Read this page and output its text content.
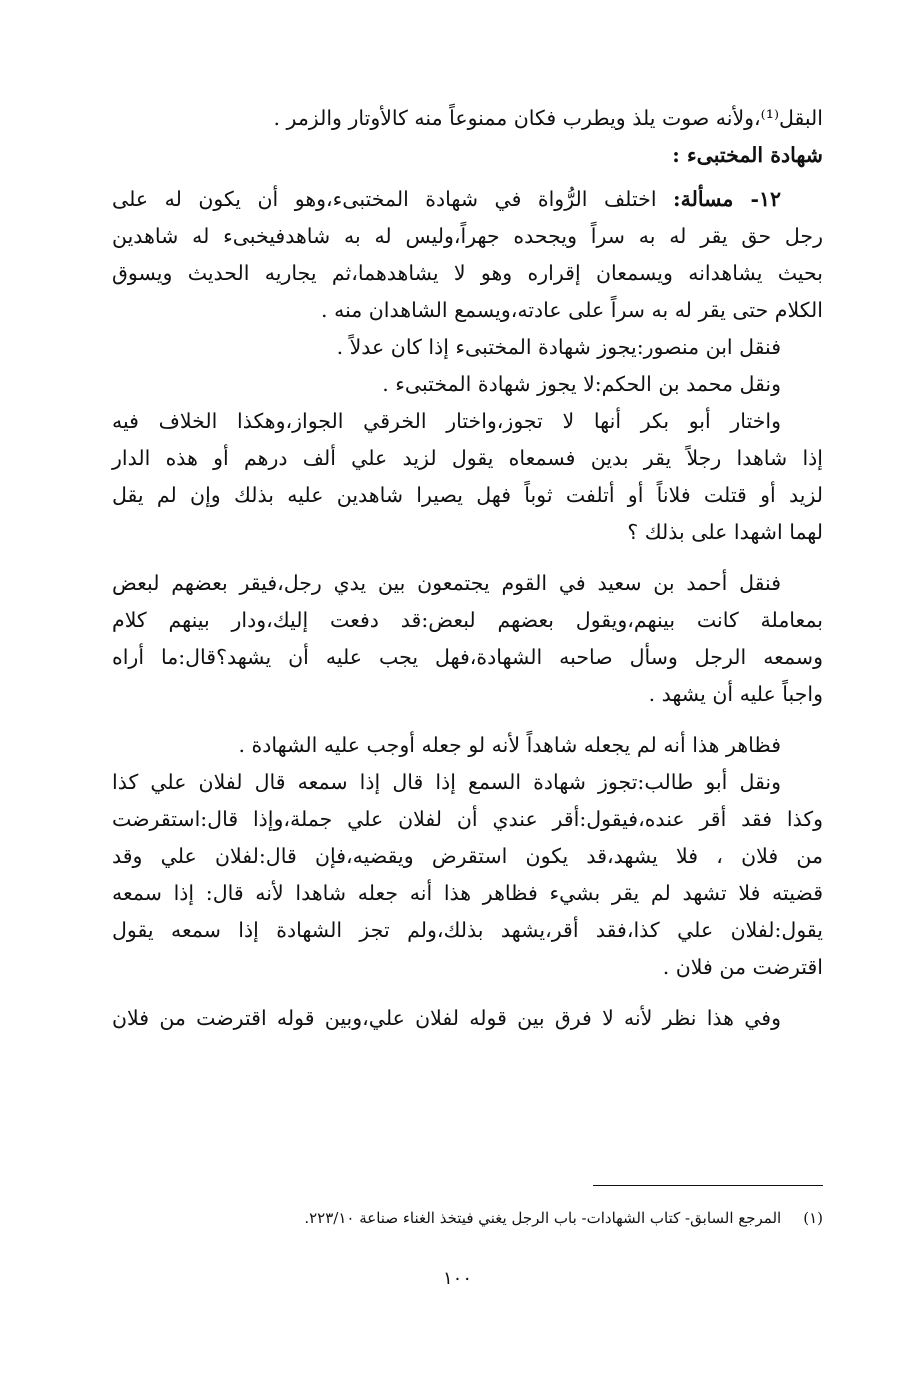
البقل⁽¹⁾،ولأنه صوت يلذ ويطرب فكان ممنوعاً منه كالأوتار والزمر .
شهادة المختبىء :
١٢- مسألة: اختلف الرُّواة في شهادة المختبىء،وهو أن يكون له على
رجل حق يقر له به سراً ويجحده جهراً،وليس له به شاهدفيخبىء له شاهدين
بحيث يشاهدانه ويسمعان إقراره وهو لا يشاهدهما،ثم يجاريه الحديث ويسوق
الكلام حتى يقر له به سراً على عادته،ويسمع الشاهدان منه .
فنقل ابن منصور:يجوز شهادة المختبىء إذا كان عدلاً .
ونقل محمد بن الحكم:لا يجوز شهادة المختبىء .
واختار أبو بكر أنها لا تجوز،واختار الخرقي الجواز،وهكذا الخلاف فيه
إذا شاهدا رجلاً يقر بدين فسمعاه يقول لزيد علي ألف درهم أو هذه الدار
لزيد أو قتلت فلاناً أو أتلفت ثوباً فهل يصيرا شاهدين عليه بذلك وإن لم يقل
لهما اشهدا على بذلك ؟
فنقل أحمد بن سعيد في القوم يجتمعون بين يدي رجل،فيقر بعضهم لبعض
بمعاملة كانت بينهم،ويقول بعضهم لبعض:قد دفعت إليك،ودار بينهم كلام
وسمعه الرجل وسأل صاحبه الشهادة،فهل يجب عليه أن يشهد؟قال:ما أراه
واجباً عليه أن يشهد .
فظاهر هذا أنه لم يجعله شاهداً لأنه لو جعله أوجب عليه الشهادة .
ونقل أبو طالب:تجوز شهادة السمع إذا قال إذا سمعه قال لفلان علي كذا
وكذا فقد أقر عنده،فيقول:أقر عندي أن لفلان علي جملة،وإذا قال:استقرضت
من فلان ، فلا يشهد،قد يكون استقرض ويقضيه،فإن قال:لفلان علي وقد
قضيته فلا تشهد لم يقر بشيء فظاهر هذا أنه جعله شاهدا لأنه قال: إذا سمعه
يقول:لفلان علي كذا،فقد أقر،يشهد بذلك،ولم تجز الشهادة إذا سمعه يقول
اقترضت من فلان .
وفي هذا نظر لأنه لا فرق بين قوله لفلان علي،وبين قوله اقترضت من فلان
(١)المرجع السابق- كتاب الشهادات- باب الرجل يغني فيتخذ الغناء صناعة ٢٢٣/١٠.
١٠٠
